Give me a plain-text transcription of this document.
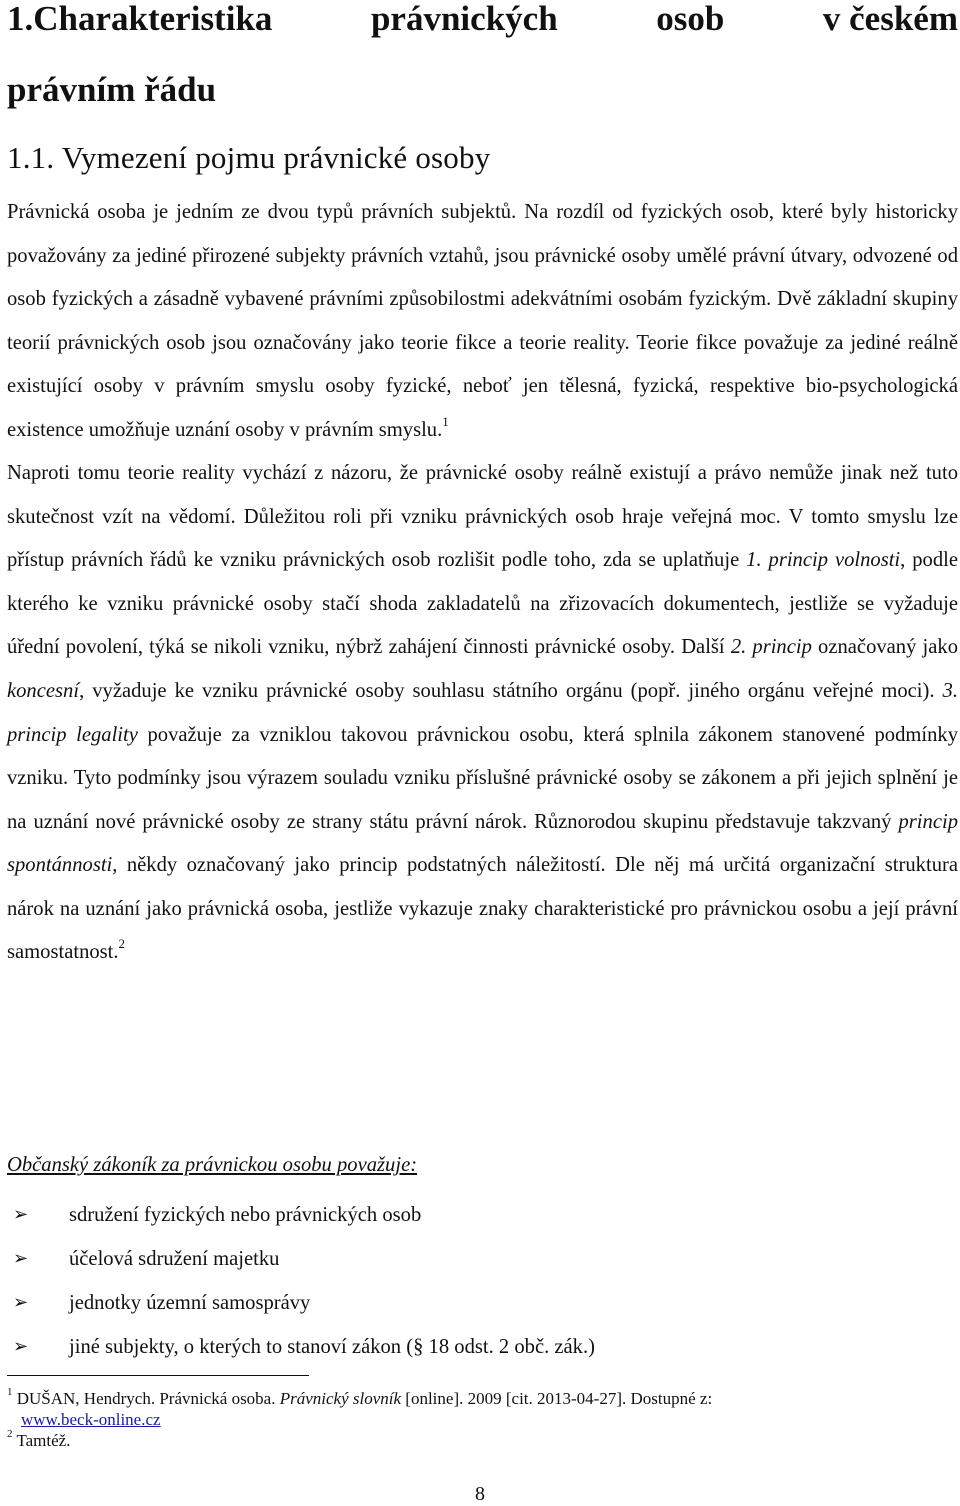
1.Charakteristika	právnických	osob	v českém
právním řádu
1.1. Vymezení pojmu právnické osoby

Právnická osoba je jedním ze dvou typů právních subjektů. Na rozdíl od fyzických osob, které byly historicky považovány za jediné přirozené subjekty právních vztahů, jsou právnické osoby umělé právní útvary, odvozené od osob fyzických a zásadně vybavené právními způsobilostmi adekvátními osobám fyzickým. Dvě základní skupiny teorií právnických osob jsou označovány jako teorie fikce a teorie reality. Teorie fikce považuje za jediné reálně existující osoby v právním smyslu osoby fyzické, neboť jen tělesná, fyzická, respektive bio-psychologická existence umožňuje uznání osoby v právním smyslu.$^1$

Naproti tomu teorie reality vychází z názoru, že právnické osoby reálně existují a právo nemůže jinak než tuto skutečnost vzít na vědomí. Důležitou roli při vzniku právnických osob hraje veřejná moc. V tomto smyslu lze přístup právních řádů ke vzniku právnických osob rozlišit podle toho, zda se uplatňuje 1. princip volnosti, podle kterého ke vzniku právnické osoby stačí shoda zakladatelů na zřizovacích dokumentech, jestliže se vyžaduje úřední povolení, týká se nikoli vzniku, nýbrž zahájení činnosti právnické osoby. Další 2. princip označovaný jako koncesní, vyžaduje ke vzniku právnické osoby souhlasu státního orgánu (popř. jiného orgánu veřejné moci). 3. princip legality považuje za vzniklou takovou právnickou osobu, která splnila zákonem stanovené podmínky vzniku. Tyto podmínky jsou výrazem souladu vzniku příslušné právnické osoby se zákonem a při jejich splnění je na uznání nové právnické osoby ze strany státu právní nárok. Různorodou skupinu představuje takzvaný princip spontánnosti, někdy označovaný jako princip podstatných náležitostí. Dle něj má určitá organizační struktura nárok na uznání jako právnická osoba, jestliže vykazuje znaky charakteristické pro právnickou osobu a její právní samostatnost.$^2$

Občanský zákoník za právnickou osobu považuje:
➢	sdružení fyzických nebo právnických osob
➢	účelová sdružení majetku
➢	jednotky územní samosprávy
➢	jiné subjekty, o kterých to stanoví zákon (§ 18 odst. 2 obč. zák.)

$^1$ DUŠAN, Hendrych. Právnická osoba. Právnický slovník [online]. 2009 [cit. 2013-04-27]. Dostupné z:
www.beck-online.cz

$^2$ Tamtéž.

8
